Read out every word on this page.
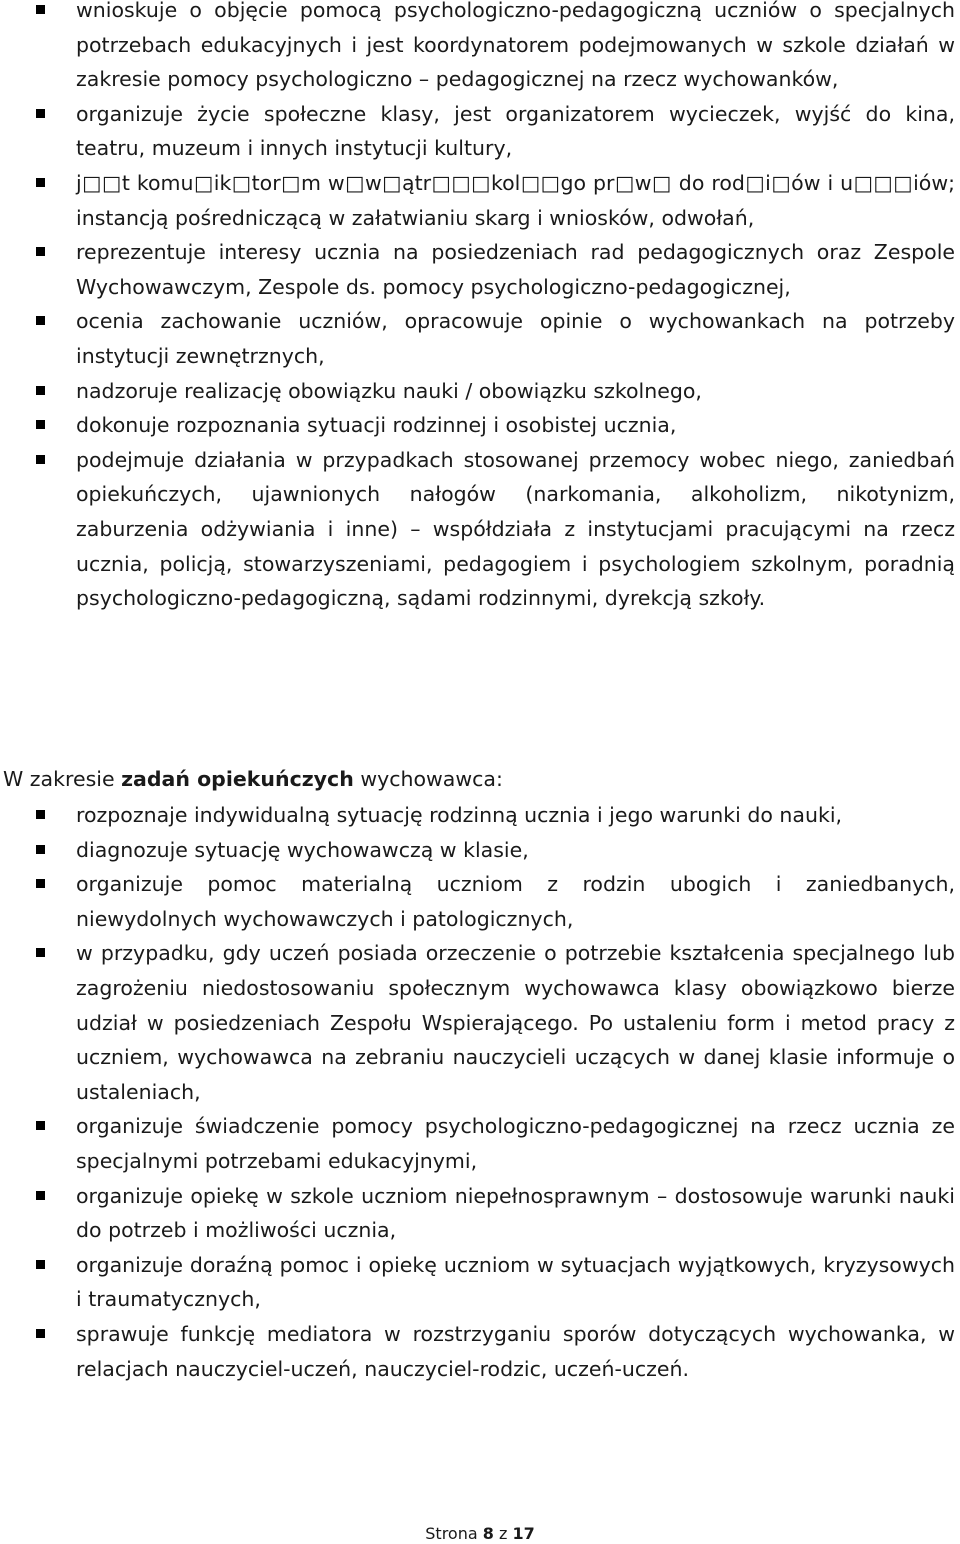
wnioskuje o objęcie pomocą psychologiczno-pedagogiczną uczniów o specjalnych potrzebach edukacyjnych i jest koordynatorem podejmowanych w szkole działań w zakresie pomocy psychologiczno – pedagogicznej na rzecz wychowanków,
organizuje życie społeczne klasy, jest organizatorem wycieczek, wyjść do kina, teatru, muzeum i innych instytucji kultury,
j□□t komu□ik□tor□m w□w□ątr□□□kol□□go pr□w□ do rod□i□ów i u□□□iów; instancją pośredniczącą w załatwianiu skarg i wniosków, odwołań,
reprezentuje interesy ucznia na posiedzeniach rad pedagogicznych oraz Zespole Wychowawczym, Zespole ds. pomocy psychologiczno-pedagogicznej,
ocenia zachowanie uczniów, opracowuje opinie o wychowankach na potrzeby instytucji zewnętrznych,
nadzoruje realizację obowiązku nauki / obowiązku szkolnego,
dokonuje rozpoznania sytuacji rodzinnej i osobistej ucznia,
podejmuje działania w przypadkach stosowanej przemocy wobec niego, zaniedbań opiekuńczych, ujawnionych nałogów (narkomania, alkoholizm, nikotynizm, zaburzenia odżywiania i inne) – współdziała z instytucjami pracującymi na rzecz ucznia, policją, stowarzyszeniami, pedagogiem i psychologiem szkolnym, poradnią psychologiczno-pedagogiczną, sądami rodzinnymi, dyrekcją szkoły.
W zakresie zadań opiekuńczych wychowawca:
rozpoznaje indywidualną sytuację rodzinną ucznia i jego warunki do nauki,
diagnozuje sytuację wychowawczą w klasie,
organizuje pomoc materialną uczniom z rodzin ubogich i zaniedbanych, niewydolnych wychowawczych i patologicznych,
w przypadku, gdy uczeń posiada orzeczenie o potrzebie kształcenia specjalnego lub zagrożeniu niedostosowaniu społecznym wychowawca klasy obowiązkowo bierze udział w posiedzeniach Zespołu Wspierającego. Po ustaleniu form i metod pracy z uczniem, wychowawca na zebraniu nauczycieli uczących w danej klasie informuje o ustaleniach,
organizuje świadczenie pomocy psychologiczno-pedagogicznej na rzecz ucznia ze specjalnymi potrzebami edukacyjnymi,
organizuje opiekę w szkole uczniom niepełnosprawnym – dostosowuje warunki nauki do potrzeb i możliwości ucznia,
organizuje doraźną pomoc i opiekę uczniom w sytuacjach wyjątkowych, kryzysowych i traumatycznych,
sprawuje funkcję mediatora w rozstrzyganiu sporów dotyczących wychowanka, w relacjach nauczyciel-uczeń, nauczyciel-rodzic, uczeń-uczeń.
Strona 8 z 17
